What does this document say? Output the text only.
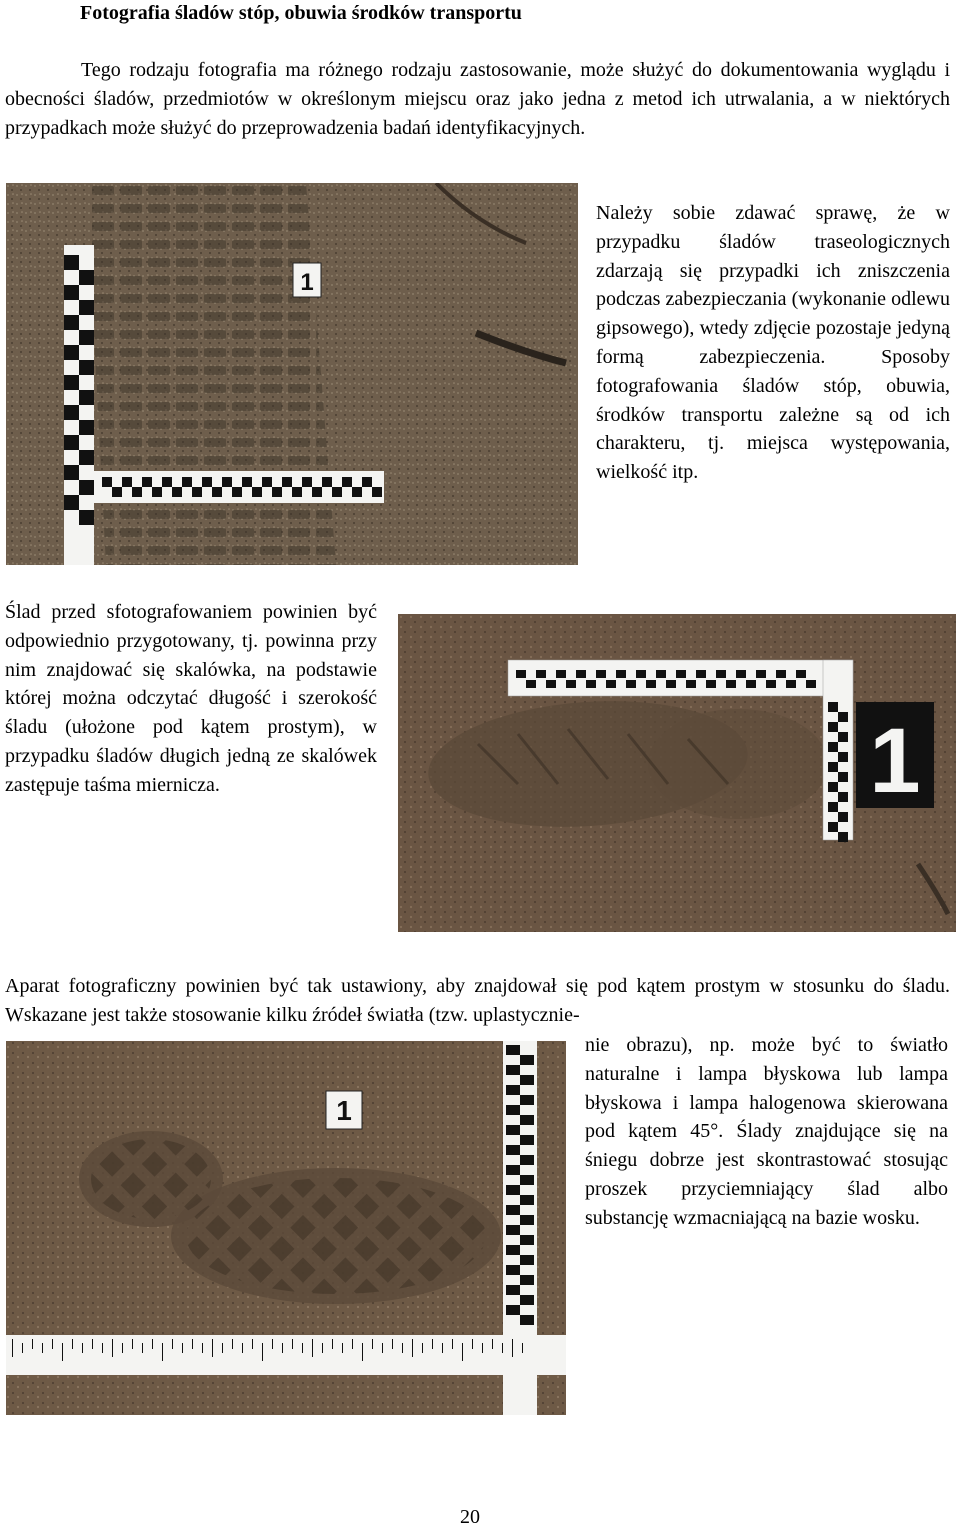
Fotografia śladów stóp, obuwia środków transportu
Tego rodzaju fotografia ma różnego rodzaju zastosowanie, może służyć do dokumentowania wyglądu i obecności śladów, przedmiotów w określonym miejscu oraz jako jedna z metod ich utrwalania, a w niektórych przypadkach może służyć do przeprowadzenia badań identyfikacyjnych.
1
Należy sobie zdawać sprawę, że w przypadku śladów traseologicznych zdarzają się przypadki ich zniszczenia podczas zabezpieczania (wykonanie odlewu gipsowego), wtedy zdjęcie pozostaje jedyną formą zabezpieczenia. Sposoby fotografowania śladów stóp, obuwia, środków transportu zależne są od ich charakteru, tj. miejsca występowania, wielkość itp.
Ślad przed sfotografowaniem powinien być odpowiednio przygotowany, tj. powinna przy nim znajdować się skalówka, na podstawie której można odczytać długość i szerokość śladu (ułożone pod kątem prostym), w przypadku śladów długich jedną ze skalówek zastępuje taśma miernicza.	1
Aparat fotograficzny powinien być tak ustawiony, aby znajdował się pod kątem prostym w stosunku do śladu. Wskazane jest także stosowanie kilku źródeł światła (tzw. uplastycznie-
1
nie obrazu), np. może być to światło naturalne i lampa błyskowa lub lampa błyskowa i lampa halogenowa skierowana pod kątem 45°. Ślady znajdujące się na śniegu dobrze jest skontrastować stosując proszek przyciemniający ślad albo substancję wzmacniającą na bazie wosku.
20
